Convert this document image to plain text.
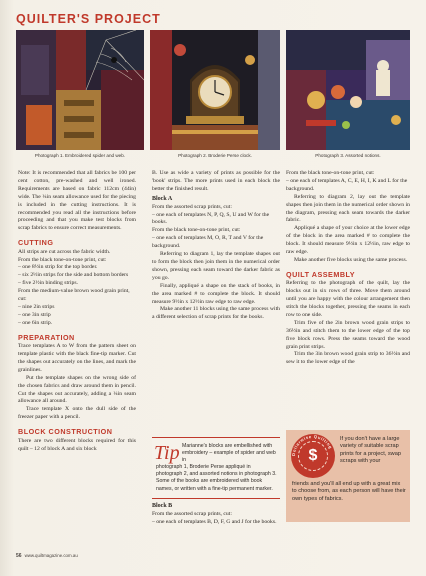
QUILTER'S PROJECT
Photograph 1. Embroidered spider and web.	Photograph 2. Broderie Perse clock.	Photograph 3. Assorted notions.

Note: It is recommended that all fabrics be 100 per cent cotton, pre-washed and well ironed. Requirements are based on fabric 112cm (44in) wide. The ¼in seam allowance used for the piecing is included in the cutting instructions. It is recommended you read all the instructions before proceeding and that you make test blocks from scrap fabrics to ensure correct measurements.

CUTTING

All strips are cut across the fabric width.

From the black tone-on-tone print, cut:

– one 8½in strip for the top border.

– six 2½in strips for the side and bottom borders

– five 2½in binding strips.

From the medium-value brown wood grain print, cut:

– nine 2in strips

– one 3in strip

– one 6in strip.

PREPARATION

Trace templates A to W from the pattern sheet on template plastic with the black fine-tip marker. Cut the shapes out accurately on the lines, and mark the grainlines.

Put the template shapes on the wrong side of the chosen fabrics and draw around them in pencil. Cut the shapes out accurately, adding a ¼in seam allowance all around.

Trace template X onto the dull side of the freezer paper with a pencil.

BLOCK CONSTRUCTION

There are two different blocks required for this quilt – 12 of block A and six block

B. Use as wide a variety of prints as possible for the 'book' strips. The more prints used in each block the better the finished result.

Block A

From the assorted scrap prints, cut:

– one each of templates N, P, Q, S, U and W for the books.

From the black tone-on-tone print, cut:

– one each of templates M, O, R, T and V for the background.

Referring to diagram 1, lay the template shapes out to form the block then join them in the numerical order shown, pressing each seam toward the darker fabric as you go.

Finally, appliqué a shape on the stack of books, in the area marked # to complete the block. It should measure 9½in x 12½in raw edge to raw edge.

Make another 11 blocks using the same process with a different selection of scrap prints for the books.

Tip Marianne's blocks are embellished with embroidery – example of spider and web in
photograph 1, Broderie Perse appliqué in photograph 2, and assorted notions in photograph 3. Some of the books are embroidered with book names, or written with a fine-tip permanent marker.
Block B

From the assorted scrap prints, cut:

– one each of templates B, D, F, G and J for the books.

From the black tone-on-tone print, cut:

– one each of templates A, C, E, H, I, K and L for the background.

Referring to diagram 2, lay out the template shapes then join them in the numerical order shown in the diagram, pressing each seam towards the darker fabric.

Appliqué a shape of your choice at the lower edge of the block in the area marked # to complete the block. It should measure 9½in x 12½in, raw edge to raw edge.

Make another five blocks using the same process.

QUILT ASSEMBLY

Referring to the photograph of the quilt, lay the blocks out in six rows of three. Move them around until you are happy with the colour arrangement then stitch the blocks together, pressing the seams in each row to one side.

Trim five of the 2in brown wood grain strips to 36½in and stitch them to the lower edge of the top five block rows. Press the seams toward the wood grain print strips.

Trim the 3in brown wood grain strip to 36½in and sew it to the lower edge of the

$
Dollarwise Quilting
If you don't have a large variety of suitable scrap prints for a project, swap scraps with your
friends and you'll all end up with a great mix to choose from, as each person will have their own types of fabrics.
56 www.quiltmagazine.com.au
